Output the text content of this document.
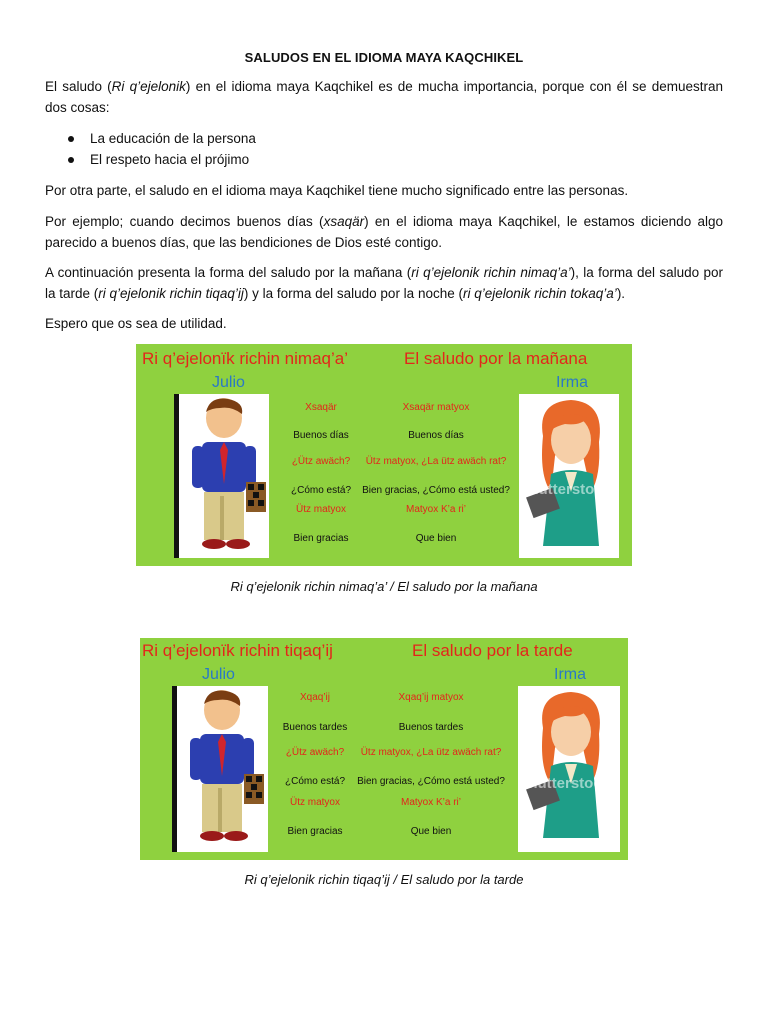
SALUDOS EN EL IDIOMA MAYA KAQCHIKEL

El saludo (Ri q’ejelonik) en el idioma maya Kaqchikel es de mucha importancia, porque con él se demuestran dos cosas:

La educación de la persona
El respeto hacia el prójimo

Por otra parte, el saludo en el idioma maya Kaqchikel tiene mucho significado entre las personas.

Por ejemplo; cuando decimos buenos días (xsaqär) en el idioma maya Kaqchikel, le estamos diciendo algo parecido a buenos días, que las bendiciones de Dios esté contigo.

A continuación presenta la forma del saludo por la mañana (ri q’ejelonik richin nimaq’a’), la forma del saludo por la tarde (ri q’ejelonik richin tiqaq’ij) y la forma del saludo por la noche (ri q’ejelonik richin tokaq’a’).

Espero que os sea de utilidad.

Ri q’ejelonïk richin nimaq’a’	El saludo por la mañana
Julio	Irma
shutterstock
Xsaqär	Xsaqär matyox
Buenos días	Buenos días
¿Ütz awäch?	Ütz matyox, ¿La ütz awäch rat?
¿Cómo está?	Bien gracias, ¿Cómo está usted?
Ütz matyox	Matyox K’a ri’
Bien gracias	Que bien
Ri q’ejelonik richin nimaq’a’ / El saludo por la mañana
Ri q’ejelonïk richin tiqaq’ij	El saludo por la tarde
Julio	Irma
shutterstock
Xqaq’ij	Xqaq’ij matyox
Buenos tardes	Buenos tardes
¿Ütz awäch?	Ütz matyox, ¿La ütz awäch rat?
¿Cómo está?	Bien gracias, ¿Cómo está usted?
Ütz matyox	Matyox K’a ri’
Bien gracias	Que bien
Ri q’ejelonik richin tiqaq’ij / El saludo por la tarde
